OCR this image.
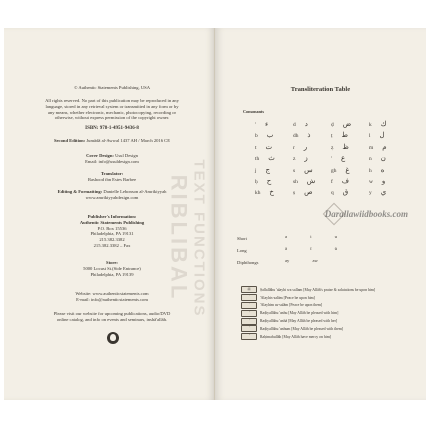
RIBLIBAL TEXT FUNCTIONS
© Authentic Statements Publishing, USA
All rights reserved. No part of this publication may be reproduced in any
language, stored in any retrieval system or transmitted in any form or by
any means, whether electronic, mechanic, photocopying, recording or
otherwise, without express permission of the copyright owner.
ISBN: 978-1-4951-9436-8
Second Edition: Jumādā al-Awwal 1437 AH / March 2016 CE
Cover Design: Usul Design
Email: info@usuldesign.com
Translator:
Rashood ibn Estes Barbee
Editing & Formatting: Danielle Lebonson al-Amrikiyyah
www.amrikiyyahdesign.com
Publisher's Information:
Authentic Statements Publishing
P.O. Box 15536
Philadelphia, PA 19131
215.382.3382
215.382.3382 – Fax
Store:
5000 Locust St.(Side Entrance)
Philadelphia, PA 19139
Website: www.authenticstatements.com
E-mail: info@authenticstatements.com
Please visit our website for upcoming publications, audio/DVD
online catalog, and info on events and seminars, inshā'allāh.
Transliteration Table
Consonants
' ء	d د	ḍ ض	k ك
b ب	dh ذ	ṭ ط	l ل
t ت	r ر	ẓ ظ	m م
th ث	z ز	' ع	n ن
j ج	s س	gh غ	h ه
ḥ ح	sh ش	f ف	w و
kh خ	ṣ ص	q ق	y ي
Darallawiidbooks.com
Short	a	i	u
Long	ā	ī	ū
Diphthongs	ay	aw
ﷺ	Ṣallallāhu 'alayhi wa sallam [May Allāh's praise & salutations be upon him]
'Alayhis-salām [Peace be upon him]
'Alayhim as-salām [Peace be upon them]
Raḍiyallāhu 'anhu [May Allāh be pleased with him]
Raḍiyallāhu 'anhā [May Allāh be pleased with her]
Raḍiyallāhu 'anhum [May Allāh be pleased with them]
Raḥimahullāh [May Allāh have mercy on him]
